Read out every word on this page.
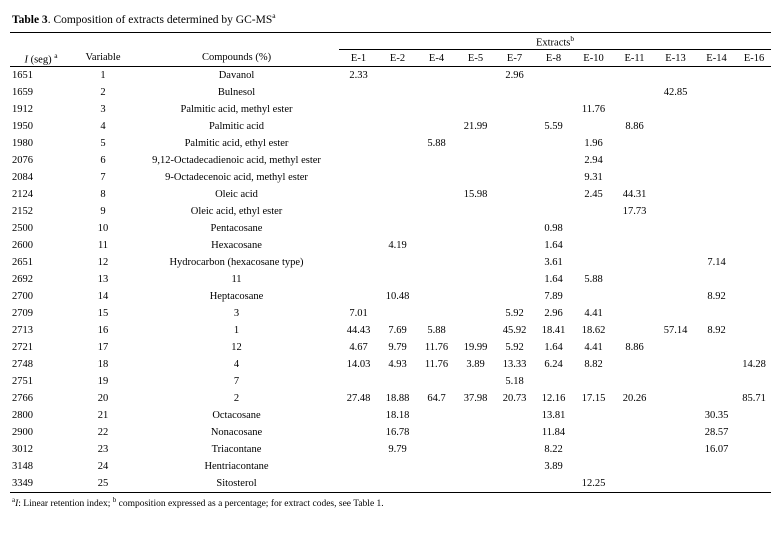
Table 3. Composition of extracts determined by $GC-MS^a$
			Extracts$^b$
I (seg) $^a$	Variable	Compounds (%)	E-1	E-2	E-4	E-5	E-7	E-8	E-10	E-11	E-13	E-14	E-16
1651	1	Davanol	2.33				2.96						
1659	2	Bulnesol									42.85		
1912	3	Palmitic acid, methyl ester							11.76				
1950	4	Palmitic acid				21.99		5.59		8.86			
1980	5	Palmitic acid, ethyl ester			5.88				1.96				
2076	6	9,12-Octadecadienoic acid, methyl ester							2.94				
2084	7	9-Octadecenoic acid, methyl ester							9.31				
2124	8	Oleic acid				15.98			2.45	44.31			
2152	9	Oleic acid, ethyl ester								17.73			
2500	10	Pentacosane						0.98					
2600	11	Hexacosane		4.19				1.64					
2651	12	Hydrocarbon (hexacosane type)						3.61				7.14	
2692	13	11						1.64	5.88				
2700	14	Heptacosane		10.48				7.89				8.92	
2709	15	3	7.01				5.92	2.96	4.41				
2713	16	1	44.43	7.69	5.88		45.92	18.41	18.62		57.14	8.92	
2721	17	12	4.67	9.79	11.76	19.99	5.92	1.64	4.41	8.86			
2748	18	4	14.03	4.93	11.76	3.89	13.33	6.24	8.82				14.28
2751	19	7					5.18						
2766	20	2	27.48	18.88	64.7	37.98	20.73	12.16	17.15	20.26			85.71
2800	21	Octacosane		18.18				13.81				30.35	
2900	22	Nonacosane		16.78				11.84				28.57	
3012	23	Triacontane		9.79				8.22				16.07	
3148	24	Hentriacontane						3.89					
3349	25	Sitosterol							12.25				
$^a$I: Linear retention index; $^b$ composition expressed as a percentage; for extract codes, see Table 1.
